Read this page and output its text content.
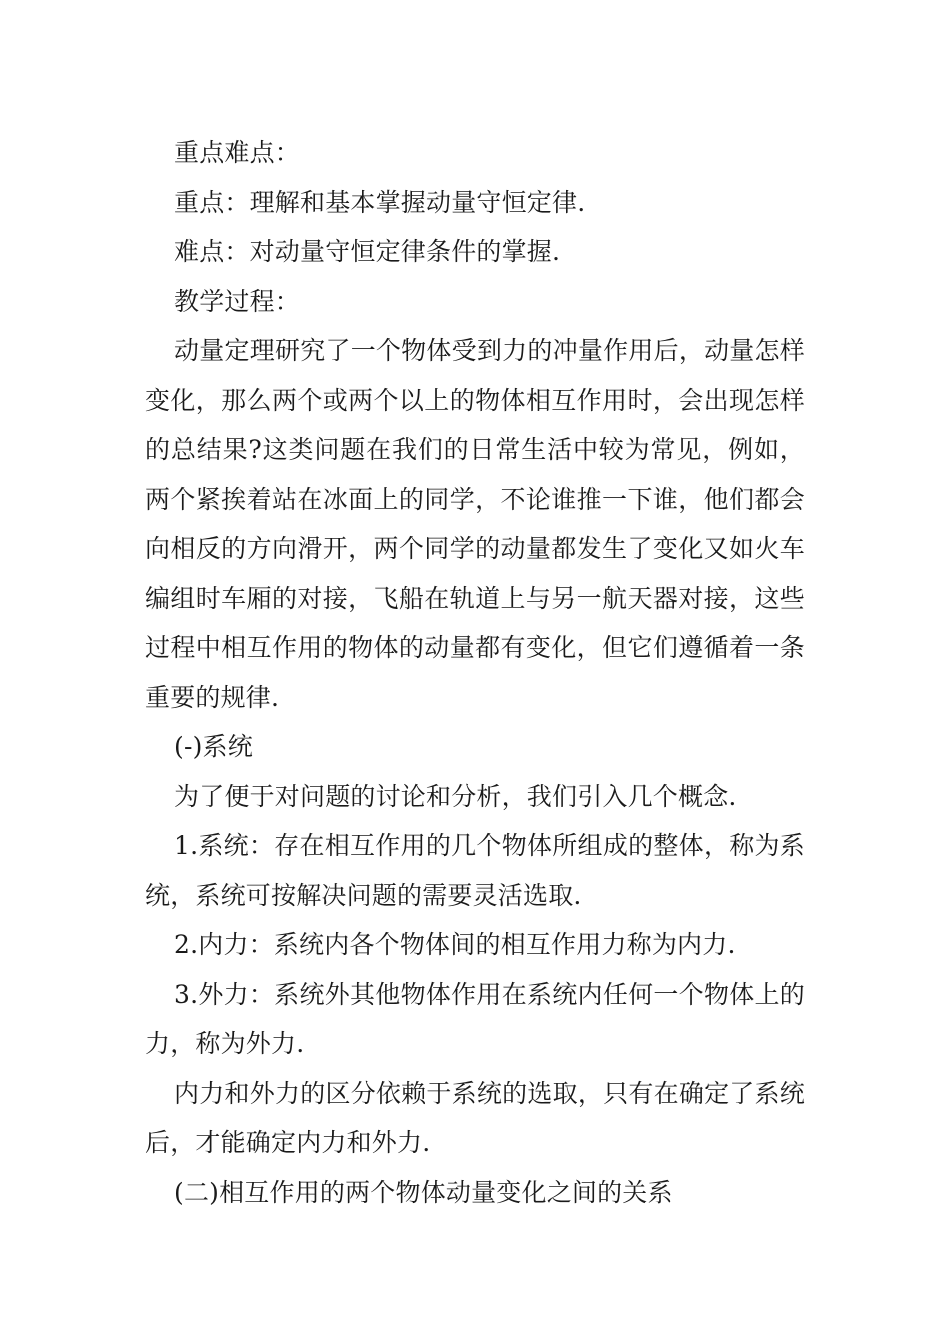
重点难点：

重点：理解和基本掌握动量守恒定律.

难点：对动量守恒定律条件的掌握.

教学过程：

动量定理研究了一个物体受到力的冲量作用后，动量怎样变化，那么两个或两个以上的物体相互作用时，会出现怎样的总结果?这类问题在我们的日常生活中较为常见，例如，两个紧挨着站在冰面上的同学，不论谁推一下谁，他们都会向相反的方向滑开，两个同学的动量都发生了变化又如火车编组时车厢的对接，飞船在轨道上与另一航天器对接，这些过程中相互作用的物体的动量都有变化，但它们遵循着一条重要的规律.

(-)系统

为了便于对问题的讨论和分析，我们引入几个概念.

1.系统：存在相互作用的几个物体所组成的整体，称为系统，系统可按解决问题的需要灵活选取.

2.内力：系统内各个物体间的相互作用力称为内力.

3.外力：系统外其他物体作用在系统内任何一个物体上的力，称为外力.

内力和外力的区分依赖于系统的选取，只有在确定了系统后，才能确定内力和外力.

(二)相互作用的两个物体动量变化之间的关系
